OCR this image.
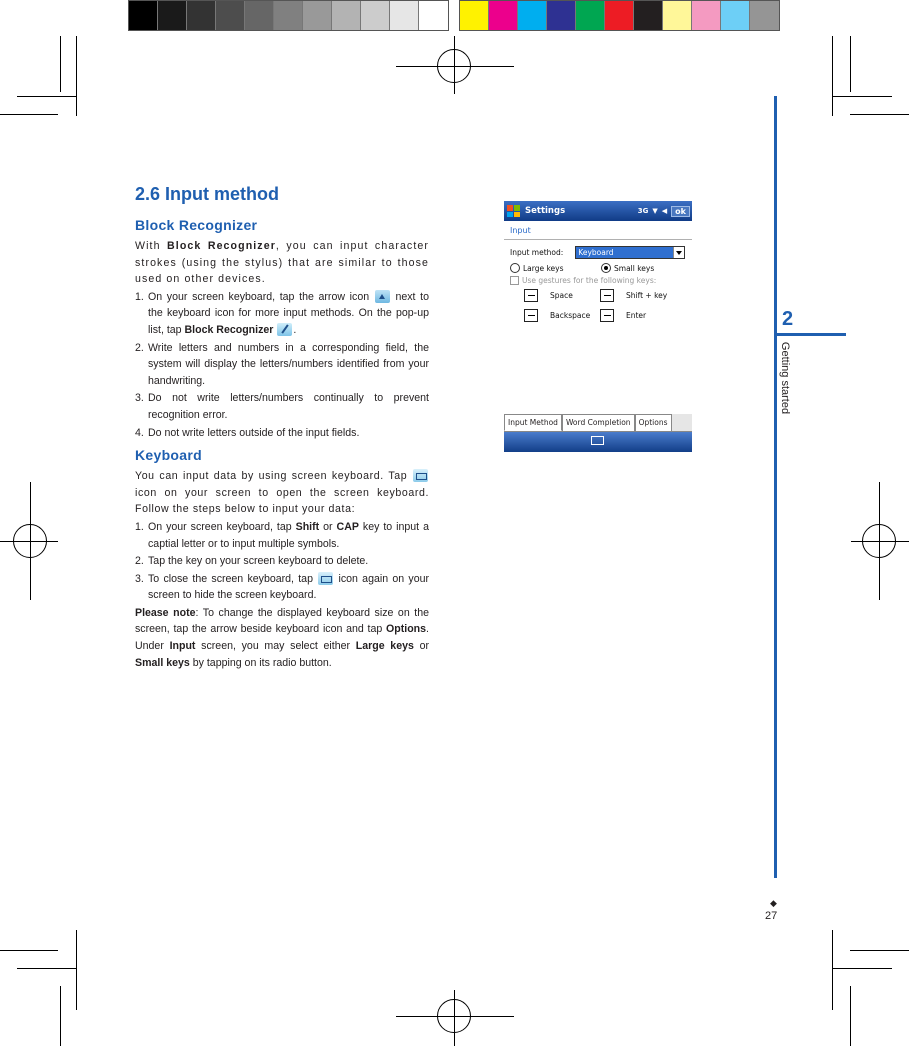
2
Getting started
◆
27
2.6 Input method
Block Recognizer

With Block Recognizer, you can input character strokes (using the stylus) that are similar to those used on other devices.

1. On your screen keyboard, tap the arrow icon next to the keyboard icon for more input methods. On the pop-up list, tap Block Recognizer .
2. Write letters and numbers in a corresponding field, the system will display the letters/numbers identified from your handwriting.
3. Do not write letters/numbers continually to prevent recognition error.
4. Do not write letters outside of the input fields.
Keyboard

You can input data by using screen keyboard. Tap  icon on your screen to open the screen keyboard. Follow the steps below to input your data:

1. On your screen keyboard, tap Shift or CAP key to input a captial letter or to input multiple symbols.
2. Tap the key on your screen keyboard to delete.
3. To close the screen keyboard, tap icon again on your screen to hide the screen keyboard.

Please note: To change the displayed keyboard size on the screen, tap the arrow beside keyboard icon and tap Options. Under Input screen, you may select either Large keys or Small keys by tapping on its radio button.

Settings	3G ▼ ◀	ok
Input
Input method: Keyboard
Large keys	Small keys
Use gestures for the following keys:
Space	Shift + key
Backspace	Enter
Input Method	Word Completion	Options
